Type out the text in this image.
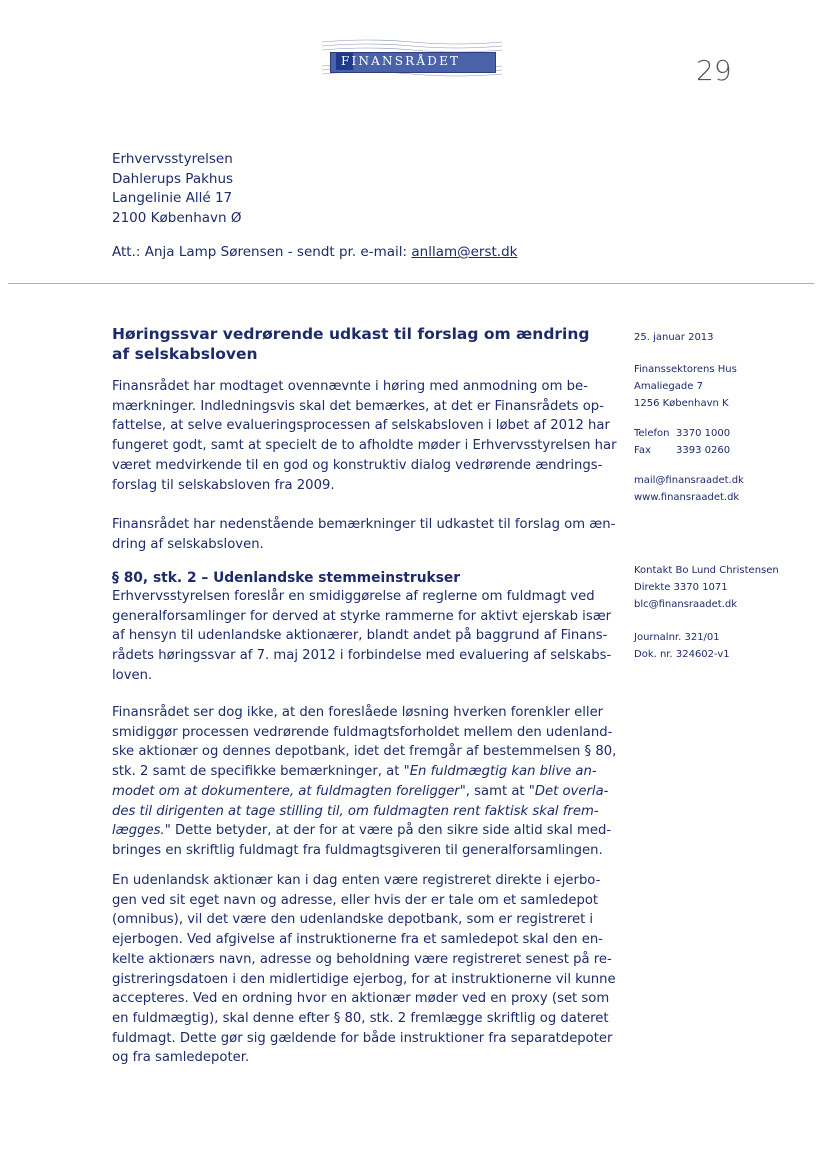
FINANSRÅDET	29
Erhvervsstyrelsen
Dahlerups Pakhus
Langelinie Allé 17
2100 København Ø
Att.: Anja Lamp Sørensen - sendt pr. e-mail: anllam@erst.dk
Høringssvar vedrørende udkast til forslag om ændring af selskabsloven
Finansrådet har modtaget ovennævnte i høring med anmodning om be-
mærkninger. Indledningsvis skal det bemærkes, at det er Finansrådets op-
fattelse, at selve evalueringsprocessen af selskabsloven i løbet af 2012 har
fungeret godt, samt at specielt de to afholdte møder i Erhvervsstyrelsen har
været medvirkende til en god og konstruktiv dialog vedrørende ændrings-
forslag til selskabsloven fra 2009.
Finansrådet har nedenstående bemærkninger til udkastet til forslag om æn-
dring af selskabsloven.
§ 80, stk. 2 – Udenlandske stemmeinstrukser
Erhvervsstyrelsen foreslår en smidiggørelse af reglerne om fuldmagt ved
generalforsamlinger for derved at styrke rammerne for aktivt ejerskab især
af hensyn til udenlandske aktionærer, blandt andet på baggrund af Finans-
rådets høringssvar af 7. maj 2012 i forbindelse med evaluering af selskabs-
loven.
Finansrådet ser dog ikke, at den foreslåede løsning hverken forenkler eller
smidiggør processen vedrørende fuldmagtsforholdet mellem den udenland-
ske aktionær og dennes depotbank, idet det fremgår af bestemmelsen § 80,
stk. 2 samt de specifikke bemærkninger, at "En fuldmægtig kan blive an-
modet om at dokumentere, at fuldmagten foreligger", samt at "Det overla-
des til dirigenten at tage stilling til, om fuldmagten rent faktisk skal frem-
lægges." Dette betyder, at der for at være på den sikre side altid skal med-
bringes en skriftlig fuldmagt fra fuldmagtsgiveren til generalforsamlingen.
En udenlandsk aktionær kan i dag enten være registreret direkte i ejerbo-
gen ved sit eget navn og adresse, eller hvis der er tale om et samledepot
(omnibus), vil det være den udenlandske depotbank, som er registreret i
ejerbogen. Ved afgivelse af instruktionerne fra et samledepot skal den en-
kelte aktionærs navn, adresse og beholdning være registreret senest på re-
gistreringsdatoen i den midlertidige ejerbog, for at instruktionerne vil kunne
accepteres. Ved en ordning hvor en aktionær møder ved en proxy (set som
en fuldmægtig), skal denne efter § 80, stk. 2 fremlægge skriftlig og dateret
fuldmagt. Dette gør sig gældende for både instruktioner fra separatdepoter
og fra samledepoter.
25. januar 2013
Finanssektorens Hus
Amaliegade 7
1256 København K
Telefon 3370 1000
Fax	3393 0260
mail@finansraadet.dk
www.finansraadet.dk
Kontakt Bo Lund Christensen
Direkte 3370 1071
blc@finansraadet.dk
Journalnr. 321/01
Dok. nr. 324602-v1
